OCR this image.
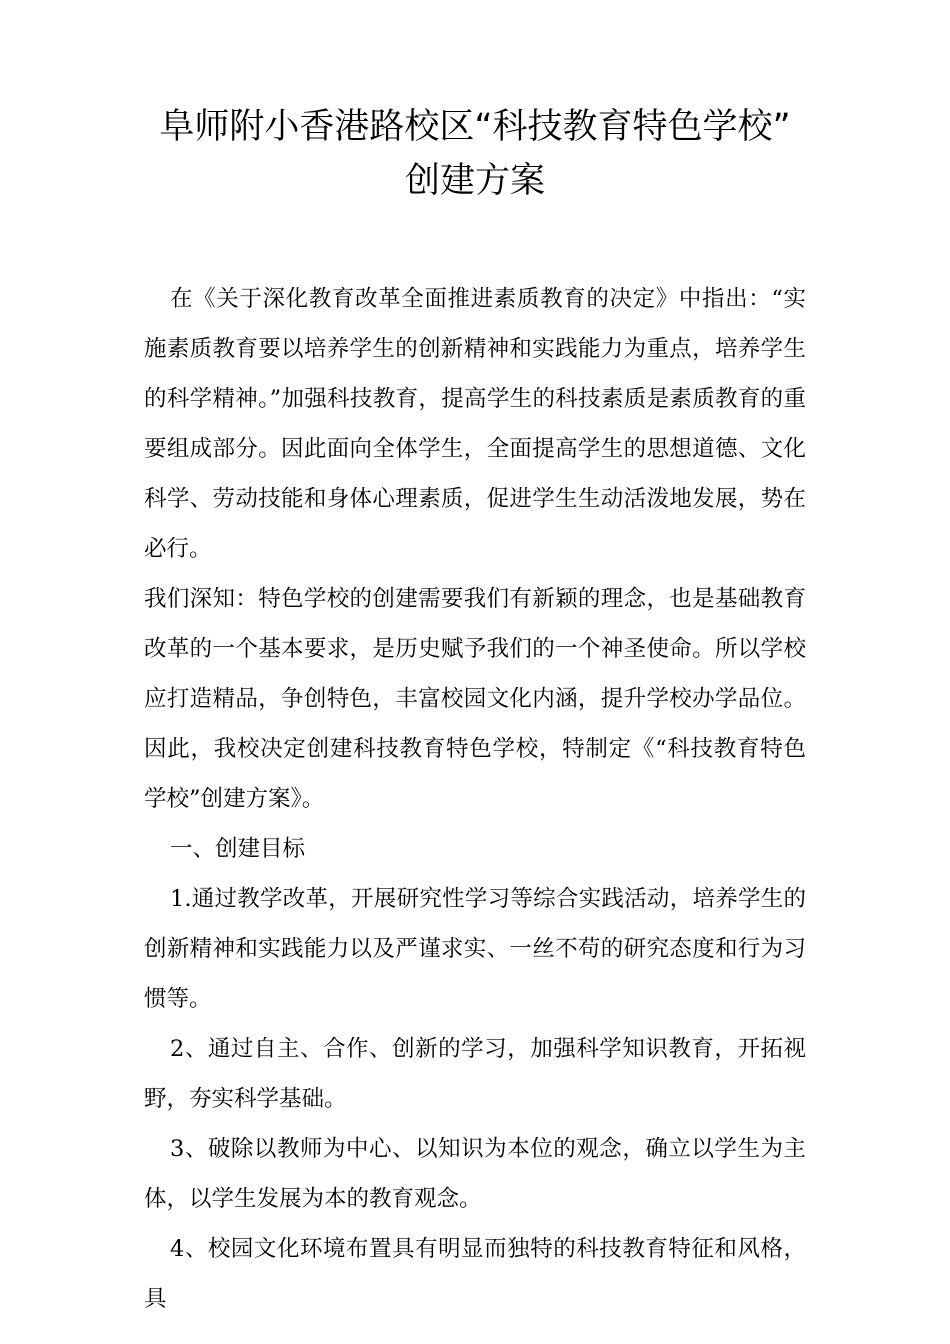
阜师附小香港路校区“科技教育特色学校”
创建方案

在《关于深化教育改革全面推进素质教育的决定》中指出：“实施素质教育要以培养学生的创新精神和实践能力为重点，培养学生的科学精神。”加强科技教育，提高学生的科技素质是素质教育的重要组成部分。因此面向全体学生，全面提高学生的思想道德、文化科学、劳动技能和身体心理素质，促进学生生动活泼地发展，势在必行。

我们深知：特色学校的创建需要我们有新颖的理念，也是基础教育改革的一个基本要求，是历史赋予我们的一个神圣使命。所以学校应打造精品，争创特色，丰富校园文化内涵，提升学校办学品位。因此，我校决定创建科技教育特色学校，特制定《“科技教育特色学校”创建方案》。

一、创建目标

1.通过教学改革，开展研究性学习等综合实践活动，培养学生的创新精神和实践能力以及严谨求实、一丝不苟的研究态度和行为习惯等。

2、通过自主、合作、创新的学习，加强科学知识教育，开拓视野，夯实科学基础。

3、破除以教师为中心、以知识为本位的观念，确立以学生为主体，以学生发展为本的教育观念。

4、校园文化环境布置具有明显而独特的科技教育特征和风格，具
